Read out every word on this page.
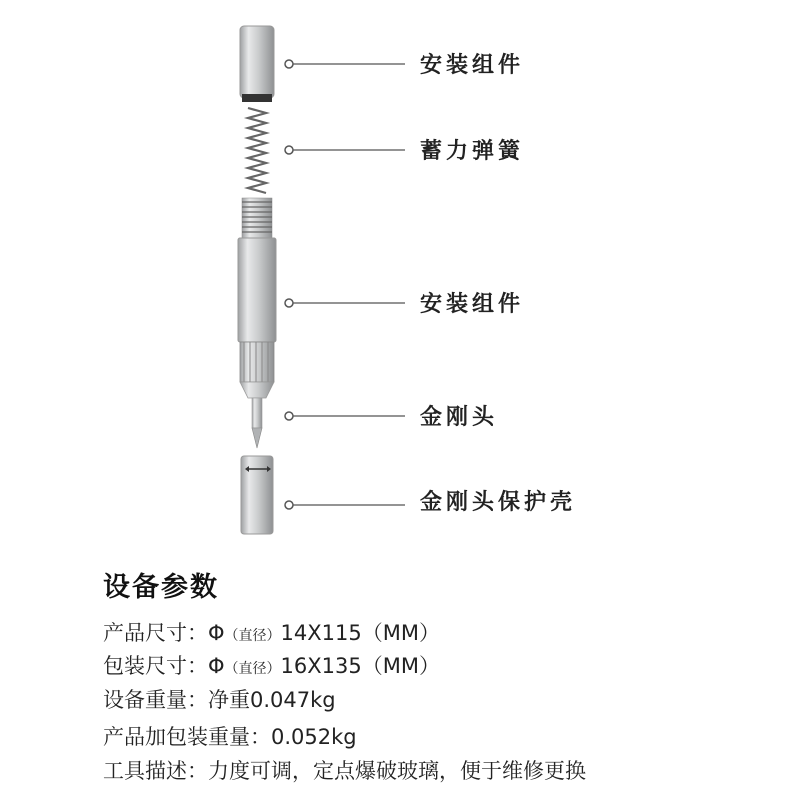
安装组件
蓄力弹簧
安装组件
金刚头
金刚头保护壳
设备参数
产品尺寸：Φ（直径）14X115（MM）
包装尺寸：Φ（直径）16X135（MM）
设备重量：净重0.047kg
产品加包装重量：0.052kg
工具描述：力度可调，定点爆破玻璃，便于维修更换
